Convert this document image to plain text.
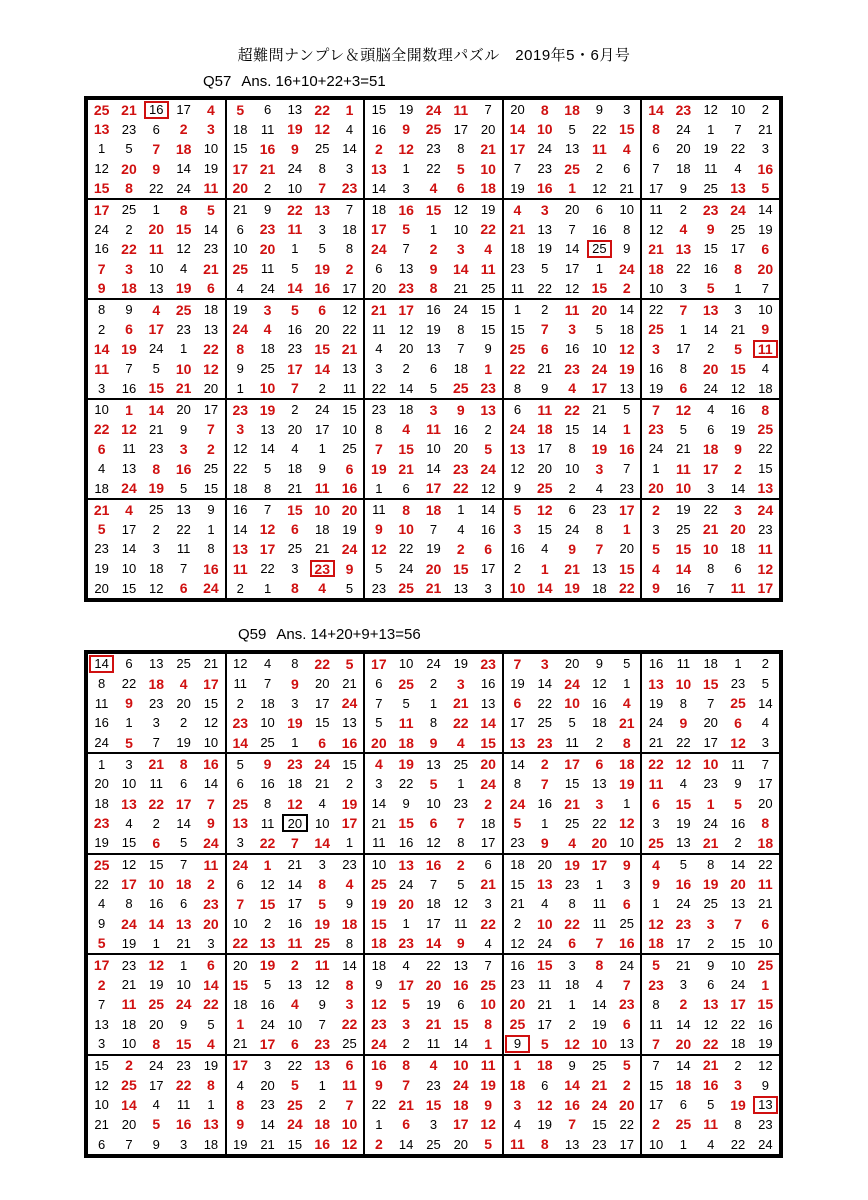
超難問ナンプレ＆頭脳全開数理パズル　2019年5・6月号
Q57 Ans. 16+10+22+3=51
25 21 16 17	4
13 23	6	2	3
1	5	7	18 10
12 20	9	14 19
15	8	22 24 11
5	6	13 22	1
18	11 19 12	4
15 16	9	25 14
17 21 24	8	3
20	2	10	7	23
15 19 24 11	7
16	9	25 17 20
2	12 23	8	21
13	1	22	5	10
14	3	4	6	18
20	8	18	9	3
14 10	5	22 15
17 24 13 11	4
7	23 25	2	6
19 16	1	12 21
14 23 12 10	2
8	24	1	7	21
6	20 19 22	3
7	18	11	4	16
17	9	25 13	5
17 25	1	8	5
24	2	20 15 14
16 22 11 12 23
7	3	10	4	21
9	18 13 19	6
21	9	22 13	7
6	23 11	3	18
10 20	1	5	8
25 11	5	19	2
4	24 14 16 17
18 16 15 12 19
17	5	1	10 22
24	7	2	3	4
6	13	9	14 11
20 23	8	21 25
4	3	20	6	10
21 13	7	16	8
18 19 14 25	9
23	5	17	1	24
11	22 12 15	2
11	2	23 24 14
12	4	9	25 19
21 13 15 17	6
18 22 16	8	20
10	3	5	1	7
8	9	4	25 18
2	6	17 23 13
14 19 24	1	22
11	7	5	10 12
3	16 15 21 20
19	3	5	6	12
24	4	16 20 22
8	18 23 15 21
9	25 17 14 13
1	10	7	2	11
21 17 16 24 15
11	12 19	8	15
4	20 13	7	9
3	2	6	18	1
22 14	5	25 23
1	2	11 20 14
15	7	3	5	18
25	6	16 10 12
22 21 23 24 19
8	9	4	17 13
22	7	13	3	10
25	1	14 21	9
3	17	2	5	11
16	8	20 15	4
19	6	24 12 18
10	1	14 20 17
22 12 21	9	7
6	11	23	3	2
4	13	8	16 25
18 24 19	5	15
23 19	2	24 15
3	13 20 17 10
12 14	4	1	25
22	5	18	9	6
18	8	21 11 16
23 18	3	9	13
8	4	11 16	2
7	15 10 20	5
19 21 14 23 24
1	6	17 22 12
6	11 22 21	5
24 18 15 14	1
13 17	8	19 16
12 20 10	3	7
9	25	2	4	23
7	12	4	16	8
23	5	6	19 25
24 21 18	9	22
1	11 17	2	15
20 10	3	14 13
21	4	25 13	9
5	17	2	22	1
23 14	3	11	8
19 10 18	7	16
20 15 12	6	24
16	7	15 10 20
14 12	6	18 19
13 17 25 21 24
11 22	3	23	9
2	1	8	4	5
11	8	18	1	14
9	10	7	4	16
12 22 19	2	6
5	24 20 15 17
23 25 21 13	3
5	12	6	23 17
3	15 24	8	1
16	4	9	7	20
2	1	21 13 15
10 14 19 18 22
2	19 22	3	24
3	25 21 20 23
5	15 10 18 11
4	14	8	6	12
9	16	7	11 17
Q59 Ans. 14+20+9+13=56
14	6	13 25 21
8	22 18	4	17
11	9	23 20 15
16	1	3	2	12
24	5	7	19 10
12	4	8	22	5
11	7	9	20 21
2	18	3	17 24
23 10 19 15 13
14 25	1	6	16
17 10 24 19 23
6	25	2	3	16
7	5	1	21 13
5	11	8	22 14
20 18	9	4	15
7	3	20	9	5
19 14 24 12	1
6	22 10 16	4
17 25	5	18 21
13 23 11	2	8
16	11	18	1	2
13 10 15 23	5
19	8	7	25 14
24	9	20	6	4
21 22 17 12	3
1	3	21	8	16
20 10	11	6	14
18 13 22 17	7
23	4	2	14	9
19 15	6	5	24
5	9	23 24 15
6	16 18 21	2
25	8	12	4	19
13 11	20 10 17
3	22	7	14	1
4	19 13 25 20
3	22	5	1	24
14	9	10 23	2
21 15	6	7	18
11	16 12	8	17
14	2	17	6	18
8	7	15 13 19
24 16 21	3	1
5	1	25 22 12
23	9	4	20 10
22 12 10 11	7
11	4	23	9	17
6	15	1	5	20
3	19 24 16	8
25 13 21	2	18
25 12 15	7	11
22 17 10 18	2
4	8	16	6	23
9	24 14 13 20
5	19	1	21	3
24	1	21	3	23
6	12 14	8	4
7	15 17	5	9
10	2	16 19 18
22 13 11 25	8
10 13 16	2	6
25 24	7	5	21
19 20 18 12	3
15	1	17	11 22
18 23 14	9	4
18 20 19 17	9
15 13 23	1	3
21	4	8	11	6
2	10 22 11	25
12 24	6	7	16
4	5	8	14 22
9	16 19 20 11
1	24 25 13 21
12 23	3	7	6
18 17	2	15 10
17 23 12	1	6
2	21 19 10 14
7	11 25 24 22
13 18 20	9	5
3	10	8	15	4
20 19	2	11 14
15	5	13 12	8
18 16	4	9	3
1	24 10	7	22
21 17	6	23 25
18	4	22 13	7
9	17 20 16 25
12	5	19	6	10
23	3	21 15	8
24	2	11	14	1
16 15	3	8	24
23	11	18	4	7
20 21	1	14 23
25 17	2	19	6
9	5	12 10 13
5	21	9	10 25
23	3	6	24	1
8	2	13 17 15
11	14 12 22 16
7	20 22 18 19
15	2	24 23 19
12 25 17 22	8
10 14	4	11	1
21 20	5	16 13
6	7	9	3	18
17	3	22 13	6
4	20	5	1	11
8	23 25	2	7
9	14 24 18 10
19 21 15 16 12
16	8	4	10 11
9	7	23 24 19
22 21 15 18	9
1	6	3	17 12
2	14 25 20	5
1	18	9	25	5
18	6	14 21	2
3	12 16 24 20
4	19	7	15 22
11	8	13 23 17
7	14 21	2	12
15 18 16	3	9
17	6	5	19 13
2	25 11	8	23
10	1	4	22 24
